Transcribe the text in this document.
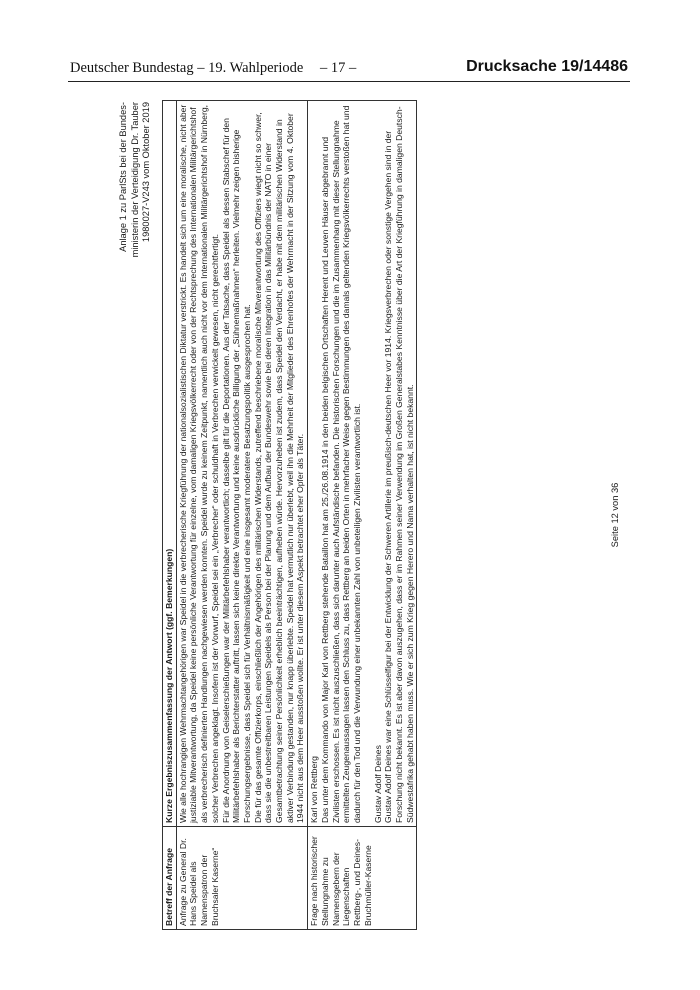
Deutscher Bundestag – 19. Wahlperiode – 17 –	Drucksache 19/14486
Anlage 1 zu ParlSts bei der Bundes- ministerin der Verteidigung Dr. Tauber 1980027-V243 vom Oktober 2019
Betreff der Anfrage	Kurze Ergebniszusammenfassung der Antwort (ggf. Bemerkungen)
Anfrage zu General Dr. Hans Speidel als Namenspatron der Bruchsaler Kaserne“	Wie alle hochrangigen Wehrmachtangehörigen war Speidel in die verbrecherische Kriegführung der nationalsozialistischen Diktatur verstrickt. Es handelt sich um eine moralische, nicht aber justiziable Mitverantwortung, da Speidel keine persönliche Verantwortung für einzelne, vom damaligen Kriegsvölkerrecht oder von der Rechtsprechung des Internationalen Militärgerichtshof als verbrecherisch definierten Handlungen nachgewiesen werden konnten. Speidel wurde zu keinem Zeitpunkt, namentlich auch nicht vor dem Internationalen Militärgerichtshof in Nürnberg, solcher Verbrechen angeklagt. Insofern ist der Vorwurf, Speidel sei ein „Verbrecher“ oder schuldhaft in Verbrechen verwickelt gewesen, nicht gerechtfertigt. Für die Anordnung von Geiselerschießungen war der Militärbefehlshaber verantwortlich; dasselbe gilt für die Deportationen. Aus der Tatsache, dass Speidel als dessen Stabschef für den Militärbefehlshaber als Berichterstatter auftritt, lassen sich keine direkte Verantwortung und keine ausdrückliche Billigung der „Sühnemaßnahmen“ herleiten. Vielmehr zeigen bisherige Forschungsergebnisse, dass Speidel sich für Verhältnismäßigkeit und eine insgesamt moderatere Besatzungspolitik ausgesprochen hat. Die für das gesamte Offizierkorps, einschließlich der Angehörigen des militärischen Widerstands, zutreffend beschriebene moralische Mitverantwortung des Offiziers wiegt nicht so schwer, dass sie die unbestreitbaren Leistungen Speidels als Person bei der Planung und dem Aufbau der Bundeswehr sowie bei deren Integration in das Militärbündnis der NATO in einer Gesamtbetrachtung seiner Persönlichkeit erheblich beeinträchtigen, aufheben würde. Hervorzuheben ist zudem, dass Speidel den Verdacht, er habe mit dem militärischen Widerstand in aktiver Verbindung gestanden, nur knapp überlebte. Speidel hat vermutlich nur überlebt, weil ihn die Mehrheit der Mitglieder des Ehrenhofes der Wehrmacht in der Sitzung vom 4. Oktober 1944 nicht aus dem Heer ausstoßen wollte. Er ist unter diesem Aspekt betrachtet eher Opfer als Täter.

Frage nach historischer Stellungnahme zu Namensgebern der Liegenschaften Rettberg-, und Deines-Bruchmüller-Kaserne	Karl von Rettberg Das unter dem Kommando von Major Karl von Rettberg stehende Bataillon hat am 25./26.08.1914 in den beiden belgischen Ortschaften Herent und Leuven Häuser abgebrannt und Zivilisten erschossen. Es ist nicht auszuschließen, dass sich darunter auch Aufständische befanden. Die historischen Forschungen und die im Zusammenhang mit dieser Stellungnahme ermittelten Zeugenaussagen lassen den Schluss zu, dass Rettberg an beiden Orten in mehrfacher Weise gegen Bestimmungen des damals geltenden Kriegsvölkerrechts verstoßen hat und dadurch für den Tod und die Verwundung einer unbekannten Zahl von unbeteiligen Zivilisten verantwortlich ist. Gustav Adolf Deines Gustav Adolf Deines war eine Schlüsselfigur bei der Entwicklung der Schweren Artillerie im preußisch-deutschen Heer vor 1914. Kriegsverbrechen oder sonstige Vergehen sind in der Forschung nicht bekannt. Es ist aber davon auszugehen, dass er im Rahmen seiner Verwendung im Großen Generalstabes Kenntnisse über die Art der Kriegführung in damaligen Deutsch-Südwestafrika gehabt haben muss. Wie er sich zum Krieg gegen Herero und Nama verhalten hat, ist nicht bekannt.	Seite 12 von 36
